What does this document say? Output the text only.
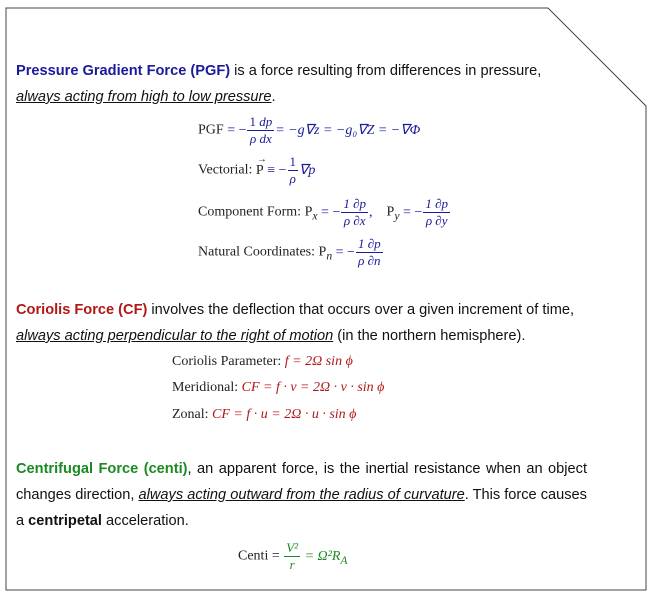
Pressure Gradient Force (PGF) is a force resulting from differences in pressure,
always acting from high to low pressure.
PGF = − $\frac{1 dp}{\text{ρ dx}} = -g\nabla z = -g_0\nabla Z = -\nabla\Phi$
Vectorial:
→
P ≡ − $\frac{1}{\rho} \nabla p$
Component Form: $P_x$ = − $\frac{1 \partial p}{\rho \partial x}$ , $P_y$ = − $\frac{1 \partial p}{\rho \partial y}$
Natural Coordinates: $P_n$ = − $\frac{1 \partial p}{\rho \partial n}$
Coriolis Force (CF) involves the deflection that occurs over a given increment of time,
always acting perpendicular to the right of motion (in the northern hemisphere).
Coriolis Parameter: f = 2Ω sin ϕ
Meridional: CF = f · v = 2Ω · v · sin ϕ
Zonal: CF = f · u = 2Ω · u · sin ϕ
Centrifugal Force (centi), an apparent force, is the inertial resistance when an object changes direction, always acting outward from the radius of curvature. This force causes a centripetal acceleration.
Centi = $\frac{\text{V²}}{r} = \Omega^2R_A$
